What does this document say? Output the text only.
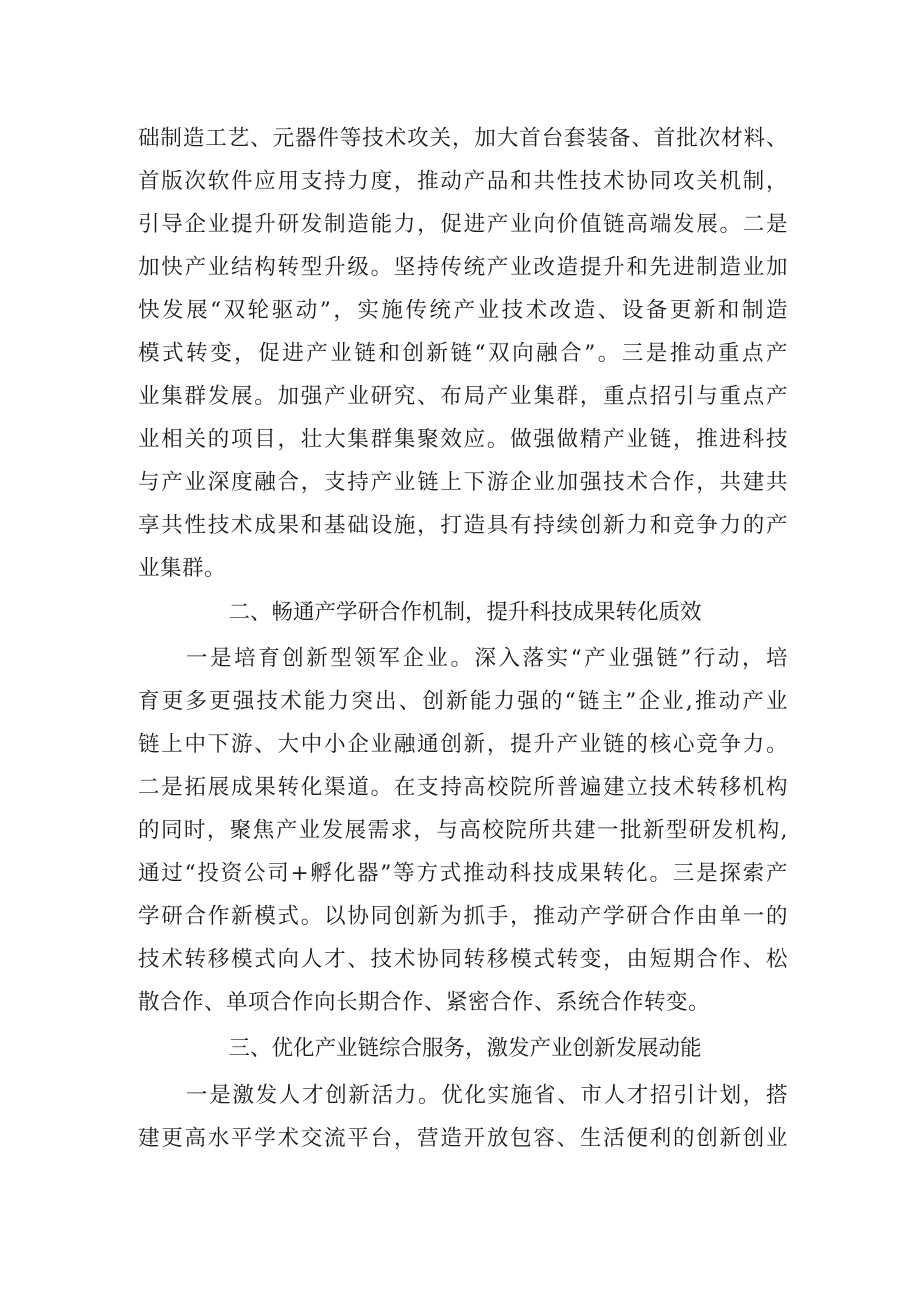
础制造工艺、元器件等技术攻关，加大首台套装备、首批次材料、
首版次软件应用支持力度，推动产品和共性技术协同攻关机制，
引导企业提升研发制造能力，促进产业向价值链高端发展。二是
加快产业结构转型升级。坚持传统产业改造提升和先进制造业加
快发展“双轮驱动”，实施传统产业技术改造、设备更新和制造
模式转变，促进产业链和创新链“双向融合”。三是推动重点产
业集群发展。加强产业研究、布局产业集群，重点招引与重点产
业相关的项目，壮大集群集聚效应。做强做精产业链，推进科技
与产业深度融合，支持产业链上下游企业加强技术合作，共建共
享共性技术成果和基础设施，打造具有持续创新力和竞争力的产
业集群。
二、畅通产学研合作机制，提升科技成果转化质效
一是培育创新型领军企业。深入落实“产业强链”行动，培
育更多更强技术能力突出、创新能力强的“链主”企业,推动产业
链上中下游、大中小企业融通创新，提升产业链的核心竞争力。
二是拓展成果转化渠道。在支持高校院所普遍建立技术转移机构
的同时，聚焦产业发展需求，与高校院所共建一批新型研发机构,
通过“投资公司+孵化器”等方式推动科技成果转化。三是探索产
学研合作新模式。以协同创新为抓手，推动产学研合作由单一的
技术转移模式向人才、技术协同转移模式转变，由短期合作、松
散合作、单项合作向长期合作、紧密合作、系统合作转变。
三、优化产业链综合服务，激发产业创新发展动能
一是激发人才创新活力。优化实施省、市人才招引计划，搭
建更高水平学术交流平台，营造开放包容、生活便利的创新创业
